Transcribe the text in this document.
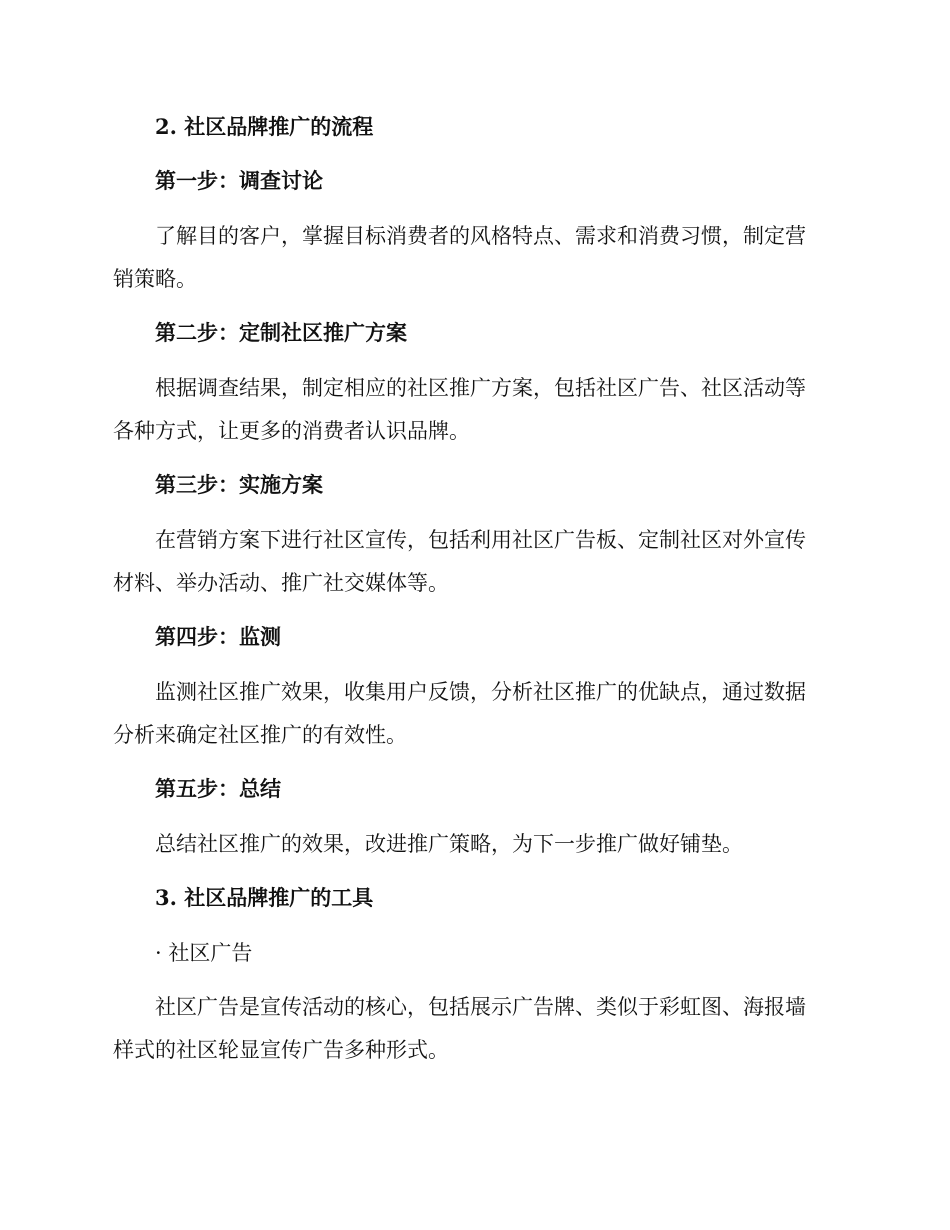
2. 社区品牌推广的流程
第一步：调查讨论
了解目的客户，掌握目标消费者的风格特点、需求和消费习惯，制定营
销策略。
第二步：定制社区推广方案
根据调查结果，制定相应的社区推广方案，包括社区广告、社区活动等
各种方式，让更多的消费者认识品牌。
第三步：实施方案
在营销方案下进行社区宣传，包括利用社区广告板、定制社区对外宣传
材料、举办活动、推广社交媒体等。
第四步：监测
监测社区推广效果，收集用户反馈，分析社区推广的优缺点，通过数据
分析来确定社区推广的有效性。
第五步：总结
总结社区推广的效果，改进推广策略，为下一步推广做好铺垫。
3. 社区品牌推广的工具
· 社区广告
社区广告是宣传活动的核心，包括展示广告牌、类似于彩虹图、海报墙
样式的社区轮显宣传广告多种形式。
